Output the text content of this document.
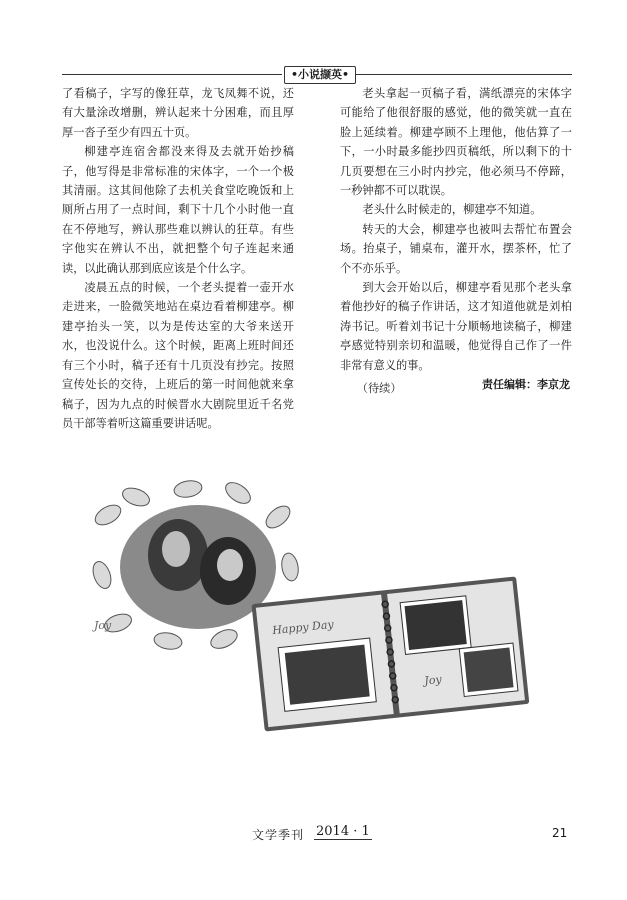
•小说撷英•

了看稿子，字写的像狂草，龙飞凤舞不说，还有大量涂改增删，辨认起来十分困难，而且厚厚一沓子至少有四五十页。

柳建亭连宿舍都没来得及去就开始抄稿子，他写得是非常标准的宋体字，一个一个极其清丽。这其间他除了去机关食堂吃晚饭和上厕所占用了一点时间，剩下十几个小时他一直在不停地写，辨认那些难以辨认的狂草。有些字他实在辨认不出，就把整个句子连起来通读，以此确认那到底应该是个什么字。

凌晨五点的时候，一个老头提着一壶开水走进来，一脸微笑地站在桌边看着柳建亭。柳建亭抬头一笑，以为是传达室的大爷来送开水，也没说什么。这个时候，距离上班时间还有三个小时，稿子还有十几页没有抄完。按照宣传处长的交待，上班后的第一时间他就来拿稿子，因为九点的时候晋水大剧院里近千名党员干部等着听这篇重要讲话呢。

老头拿起一页稿子看，满纸漂亮的宋体字可能给了他很舒服的感觉，他的微笑就一直在脸上延续着。柳建亭顾不上理他，他估算了一下，一小时最多能抄四页稿纸，所以剩下的十几页要想在三小时内抄完，他必须马不停蹄，一秒钟都不可以耽误。

老头什么时候走的，柳建亭不知道。

转天的大会，柳建亭也被叫去帮忙布置会场。抬桌子，铺桌布，灌开水，摆茶杯，忙了个不亦乐乎。

到大会开始以后，柳建亭看见那个老头拿着他抄好的稿子作讲话，这才知道他就是刘柏涛书记。听着刘书记十分顺畅地读稿子，柳建亭感觉特别亲切和温暖，他觉得自己作了一件非常有意义的事。

（待续）	责任编辑：李京龙
Joy	Happy Day
Joy
文学季刊 2014 · 1	21
